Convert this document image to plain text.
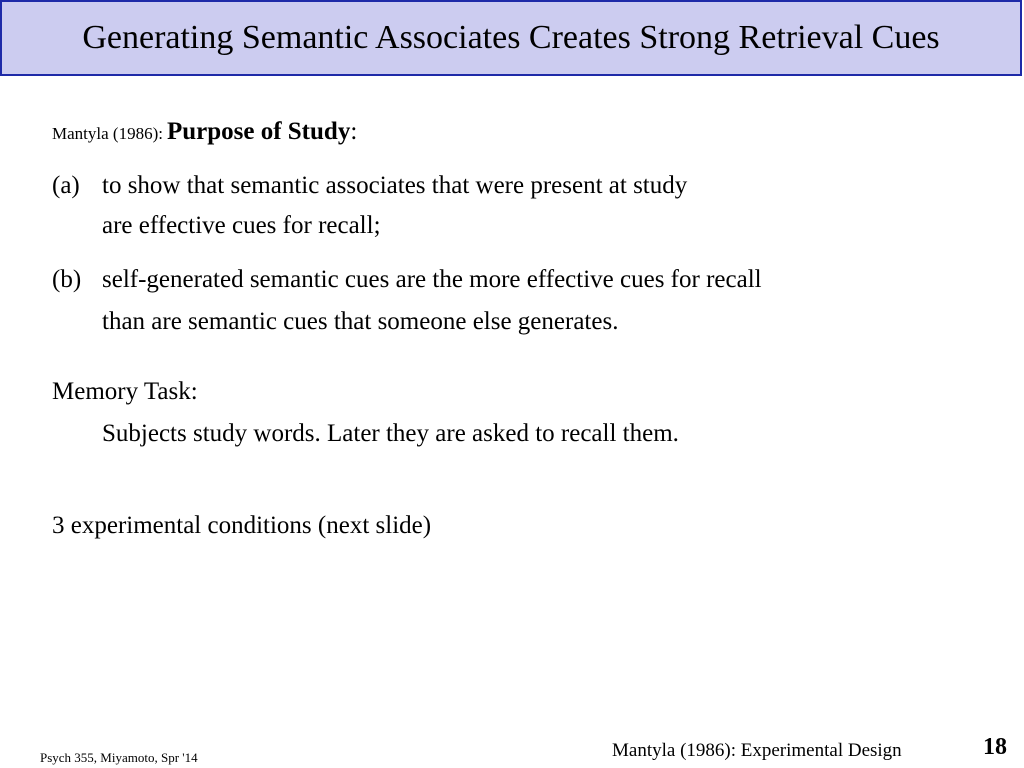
Generating Semantic Associates Creates Strong Retrieval Cues
Mantyla (1986): Purpose of Study:
(a) to show that semantic associates that were present at study
are effective cues for recall;
(b) self-generated semantic cues are the more effective cues for recall
than are semantic cues that someone else generates.
Memory Task:
Subjects study words. Later they are asked to recall them.
3 experimental conditions (next slide)
Psych 355, Miyamoto, Spr '14	Mantyla (1986): Experimental Design	18
